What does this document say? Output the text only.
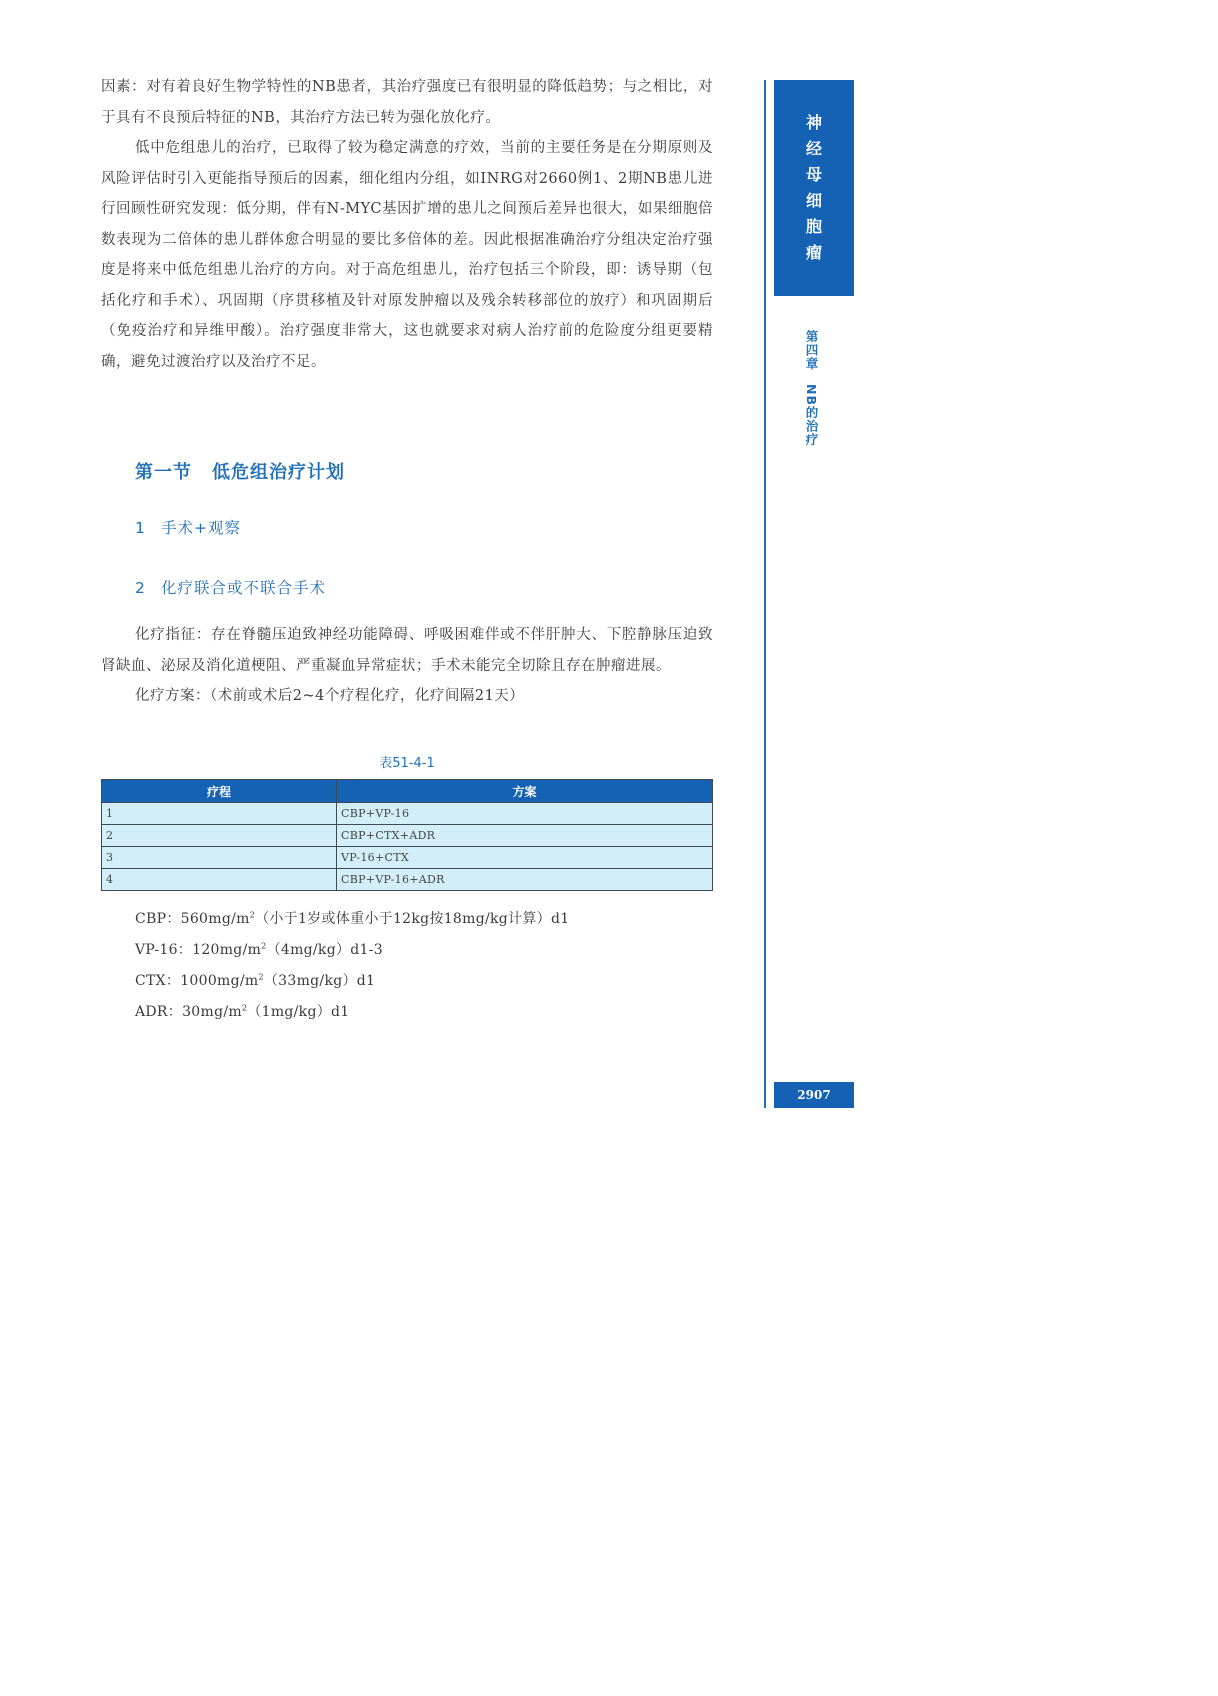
因素：对有着良好生物学特性的NB患者，其治疗强度已有很明显的降低趋势；与之相比，对于具有不良预后特征的NB，其治疗方法已转为强化放化疗。

低中危组患儿的治疗，已取得了较为稳定满意的疗效，当前的主要任务是在分期原则及风险评估时引入更能指导预后的因素，细化组内分组，如INRG对2660例1、2期NB患儿进行回顾性研究发现：低分期，伴有N-MYC基因扩增的患儿之间预后差异也很大，如果细胞倍数表现为二倍体的患儿群体愈合明显的要比多倍体的差。因此根据准确治疗分组决定治疗强度是将来中低危组患儿治疗的方向。对于高危组患儿，治疗包括三个阶段，即：诱导期（包括化疗和手术）、巩固期（序贯移植及针对原发肿瘤以及残余转移部位的放疗）和巩固期后（免疫治疗和异维甲酸）。治疗强度非常大，这也就要求对病人治疗前的危险度分组更要精确，避免过渡治疗以及治疗不足。

第一节 低危组治疗计划
1 手术+观察
2 化疗联合或不联合手术

化疗指征：存在脊髓压迫致神经功能障碍、呼吸困难伴或不伴肝肿大、下腔静脉压迫致肾缺血、泌尿及消化道梗阻、严重凝血异常症状；手术未能完全切除且存在肿瘤进展。

化疗方案：（术前或术后2~4个疗程化疗，化疗间隔21天）

表51-4-1
疗程	方案
1	CBP+VP-16
2	CBP+CTX+ADR
3	VP-16+CTX
4	CBP+VP-16+ADR
CBP：$560mg/m^2$（小于1岁或体重小于12kg按18mg/kg计算）d1
VP-16：$120mg/m^2(4mg/kg)d1-3$
CTX：$1000mg/m^2(33mg/kg)d1$
ADR：$30mg/m^2(1mg/kg)d1$
神
经
母
细
胞
瘤
第四章　NB的治疗
2907
